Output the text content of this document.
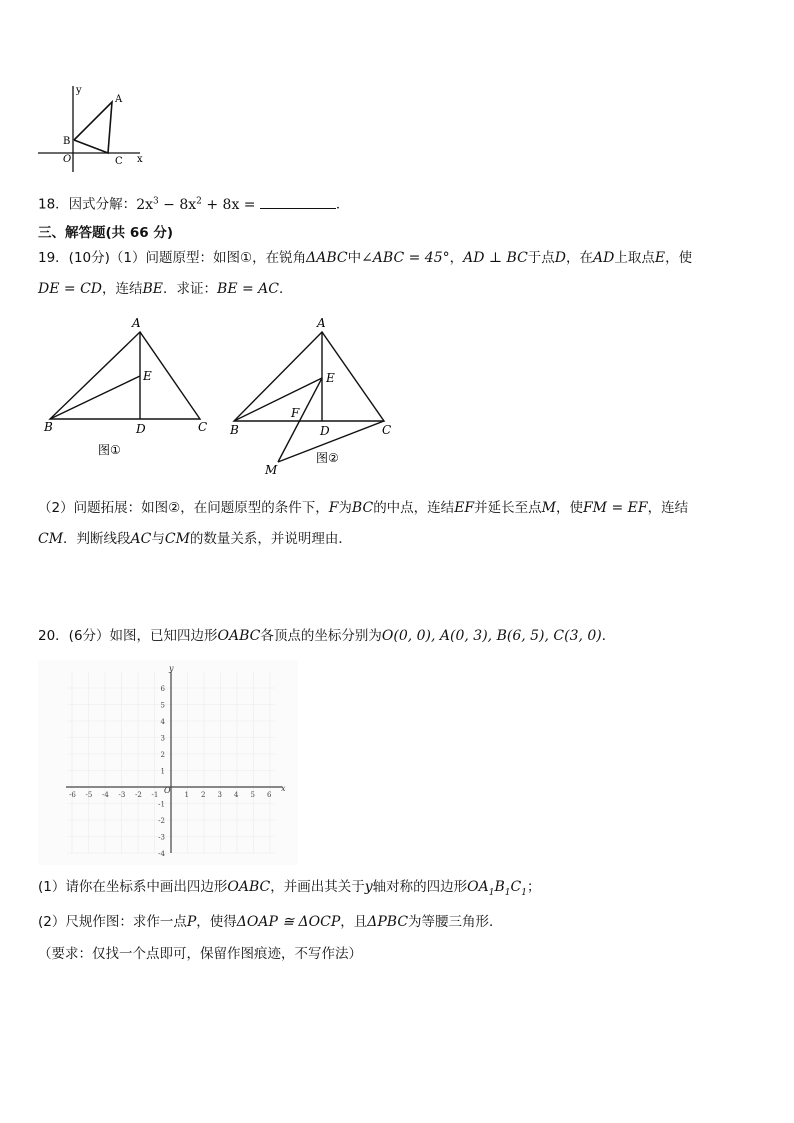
y
A
B
O	C x
18．因式分解：$2x^3 - 8x^2 + 8x$ =	．
三、解答题(共 66 分)
19．(10分)（1）问题原型：如图①，在锐角ΔABC中∠ABC = 45°，AD ⊥ BC于点D，在AD上取点E，使
DE = CD，连结BE．求证：BE = AC．
A
E
B	D	C
图①
A
E
F
B	D	C
M
图②
（2）问题拓展：如图②，在问题原型的条件下，F为BC的中点，连结EF并延长至点M，使FM = EF，连结
CM．判断线段AC与CM的数量关系，并说明理由．
20．(6分）如图，已知四边形OABC各顶点的坐标分别为O(0, 0), A(0, 3), B(6, 5), C(3, 0)．
-6 -5 -4 -3 -2 -1	1 2 3 4 5 6
6
5
4
3
2
1
-1
-2
-3
-4
y
x
O
(1）请你在坐标系中画出四边形OABC，并画出其关于y轴对称的四边形$OA_1B_1C_1$；
(2）尺规作图：求作一点P，使得ΔOAP ≅ ΔOCP，且ΔPBC为等腰三角形．
（要求：仅找一个点即可，保留作图痕迹，不写作法）
